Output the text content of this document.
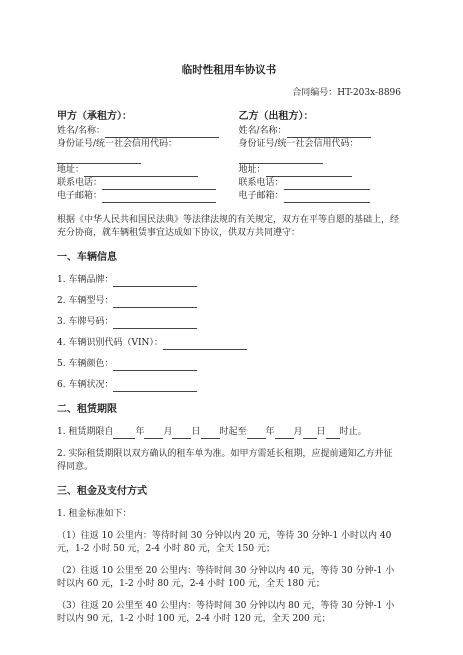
临时性租用车协议书
合同编号：HT-203x-8896
甲方（承租方）：
姓名/名称：
身份证号/统一社会信用代码：
地址：
联系电话：
电子邮箱：
乙方（出租方）：
姓名/名称：
身份证号/统一社会信用代码：
地址：
联系电话：
电子邮箱：
根据《中华人民共和国民法典》等法律法规的有关规定，双方在平等自愿的基础上，经充分协商，就车辆租赁事宜达成如下协议，供双方共同遵守：
一、车辆信息
1. 车辆品牌：
2. 车辆型号：
3. 车牌号码：
4. 车辆识别代码（VIN）：
5. 车辆颜色：
6. 车辆状况：
二、租赁期限
1. 租赁期限自 年 月 日 时起至 年 月 日 时止。
2. 实际租赁期限以双方确认的租车单为准。如甲方需延长租期，应提前通知乙方并征得同意。
三、租金及支付方式
1. 租金标准如下：
（1）往返 10 公里内：等待时间 30 分钟以内 20 元，等待 30 分钟-1 小时以内 40 元，1-2 小时 50 元，2-4 小时 80 元，全天 150 元；
（2）往返 10 公里至 20 公里内：等待时间 30 分钟以内 40 元，等待 30 分钟-1 小时以内 60 元，1-2 小时 80 元，2-4 小时 100 元，全天 180 元；
（3）往返 20 公里至 40 公里内：等待时间 30 分钟以内 80 元，等待 30 分钟-1 小时以内 90 元，1-2 小时 100 元，2-4 小时 120 元，全天 200 元；
